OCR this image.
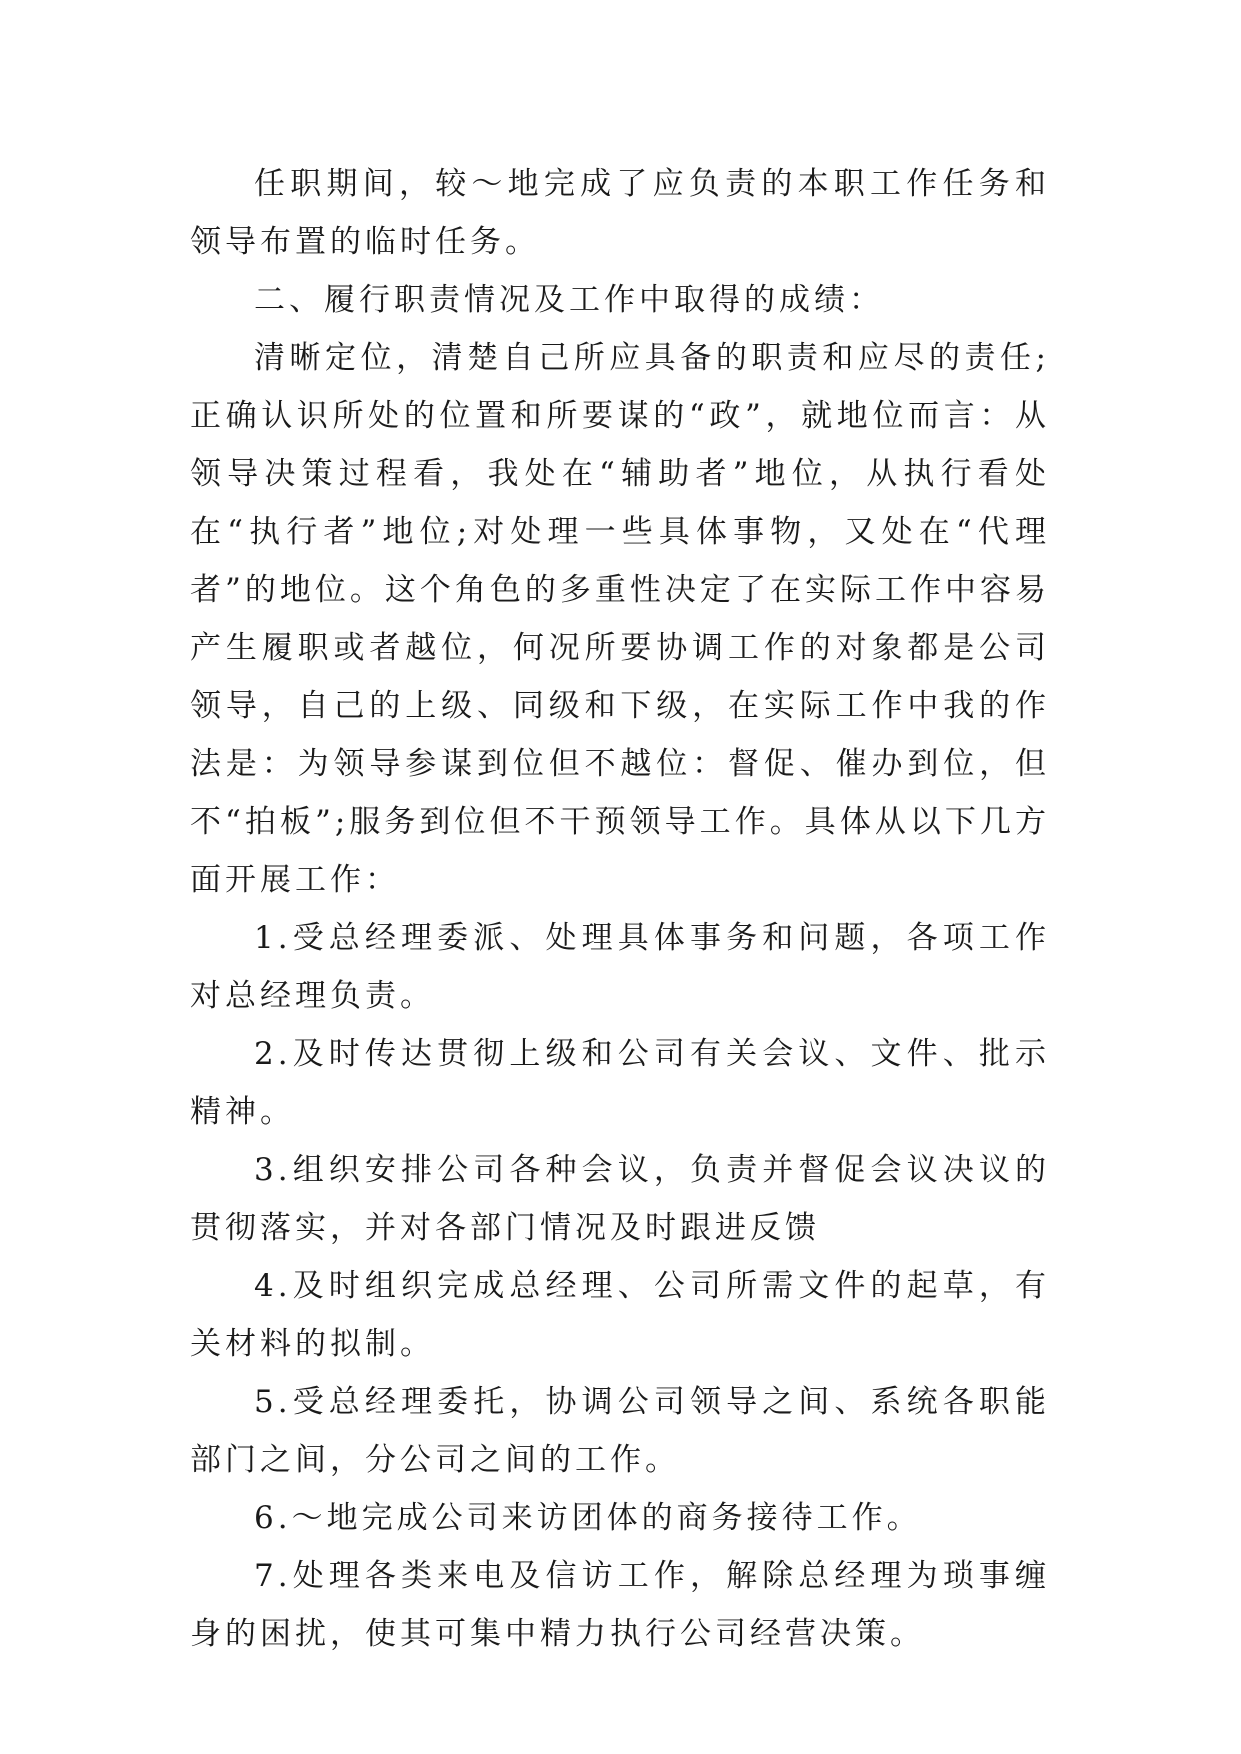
任职期间，较～地完成了应负责的本职工作任务和领导布置的临时任务。

二、履行职责情况及工作中取得的成绩：

清晰定位，清楚自己所应具备的职责和应尽的责任;正确认识所处的位置和所要谋的“政”，就地位而言：从领导决策过程看，我处在“辅助者”地位，从执行看处在“执行者”地位;对处理一些具体事物，又处在“代理者”的地位。这个角色的多重性决定了在实际工作中容易产生履职或者越位，何况所要协调工作的对象都是公司领导，自己的上级、同级和下级，在实际工作中我的作法是：为领导参谋到位但不越位：督促、催办到位，但不“拍板”;服务到位但不干预领导工作。具体从以下几方面开展工作：

1.受总经理委派、处理具体事务和问题，各项工作对总经理负责。

2.及时传达贯彻上级和公司有关会议、文件、批示精神。

3.组织安排公司各种会议，负责并督促会议决议的贯彻落实，并对各部门情况及时跟进反馈

4.及时组织完成总经理、公司所需文件的起草，有关材料的拟制。

5.受总经理委托，协调公司领导之间、系统各职能部门之间，分公司之间的工作。

6.～地完成公司来访团体的商务接待工作。

7.处理各类来电及信访工作，解除总经理为琐事缠身的困扰，使其可集中精力执行公司经营决策。
